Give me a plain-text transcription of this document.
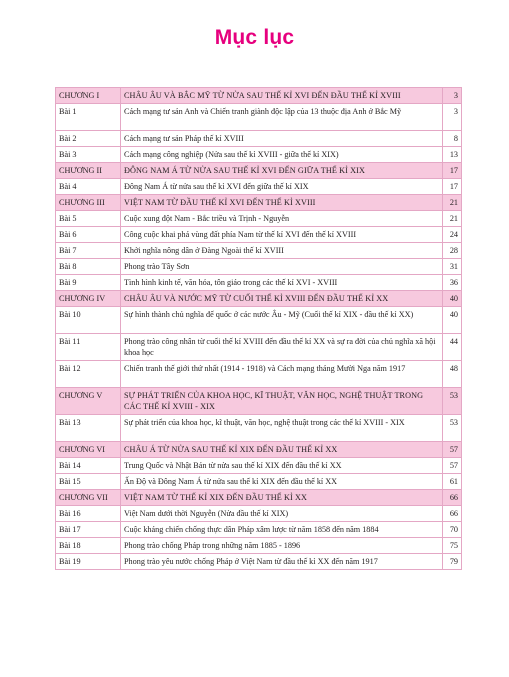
Mục lục
CHƯƠNG I	CHÂU ÂU VÀ BẮC MỸ TỪ NỬA SAU THẾ KỈ XVI ĐẾN ĐẦU THẾ KỈ XVIII	3
Bài 1	Cách mạng tư sản Anh và Chiến tranh giành độc lập của 13 thuộc địa Anh ở Bắc Mỹ	3
Bài 2	Cách mạng tư sản Pháp thế kỉ XVIII	8
Bài 3	Cách mạng công nghiệp (Nửa sau thế kỉ XVIII - giữa thế kỉ XIX)	13
CHƯƠNG II	ĐÔNG NAM Á TỪ NỬA SAU THẾ KỈ XVI ĐẾN GIỮA THẾ KỈ XIX	17
Bài 4	Đông Nam Á từ nửa sau thế kỉ XVI đến giữa thế kỉ XIX	17
CHƯƠNG III	VIỆT NAM TỪ ĐẦU THẾ KỈ XVI ĐẾN THẾ KỈ XVIII	21
Bài 5	Cuộc xung đột Nam - Bắc triều và Trịnh - Nguyễn	21
Bài 6	Công cuộc khai phá vùng đất phía Nam từ thế kỉ XVI đến thế kỉ XVIII	24
Bài 7	Khởi nghĩa nông dân ở Đàng Ngoài thế kỉ XVIII	28
Bài 8	Phong trào Tây Sơn	31
Bài 9	Tình hình kinh tế, văn hóa, tôn giáo trong các thế kỉ XVI - XVIII	36
CHƯƠNG IV	CHÂU ÂU VÀ NƯỚC MỸ TỪ CUỐI THẾ KỈ XVIII ĐẾN ĐẦU THẾ KỈ XX	40
Bài 10	Sự hình thành chủ nghĩa đế quốc ở các nước Âu - Mỹ (Cuối thế kỉ XIX - đầu thế kỉ XX)	40
Bài 11	Phong trào công nhân từ cuối thế kỉ XVIII đến đầu thế kỉ XX và sự ra đời của chủ nghĩa xã hội khoa học	44
Bài 12	Chiến tranh thế giới thứ nhất (1914 - 1918) và Cách mạng tháng Mười Nga năm 1917	48
CHƯƠNG V	SỰ PHÁT TRIỂN CỦA KHOA HỌC, KĨ THUẬT, VĂN HỌC, NGHỆ THUẬT TRONG CÁC THẾ KỈ XVIII - XIX	53
Bài 13	Sự phát triển của khoa học, kĩ thuật, văn học, nghệ thuật trong các thế kỉ XVIII - XIX	53
CHƯƠNG VI	CHÂU Á TỪ NỬA SAU THẾ KỈ XIX ĐẾN ĐẦU THẾ KỈ XX	57
Bài 14	Trung Quốc và Nhật Bản từ nửa sau thế kỉ XIX đến đầu thế kỉ XX	57
Bài 15	Ấn Độ và Đông Nam Á từ nửa sau thế kỉ XIX đến đầu thế kỉ XX	61
CHƯƠNG VII	VIỆT NAM TỪ THẾ KỈ XIX ĐẾN ĐẦU THẾ KỈ XX	66
Bài 16	Việt Nam dưới thời Nguyễn (Nửa đầu thế kỉ XIX)	66
Bài 17	Cuộc kháng chiến chống thực dân Pháp xâm lược từ năm 1858 đến năm 1884	70
Bài 18	Phong trào chống Pháp trong những năm 1885 - 1896	75
Bài 19	Phong trào yêu nước chống Pháp ở Việt Nam từ đầu thế kỉ XX đến năm 1917	79
